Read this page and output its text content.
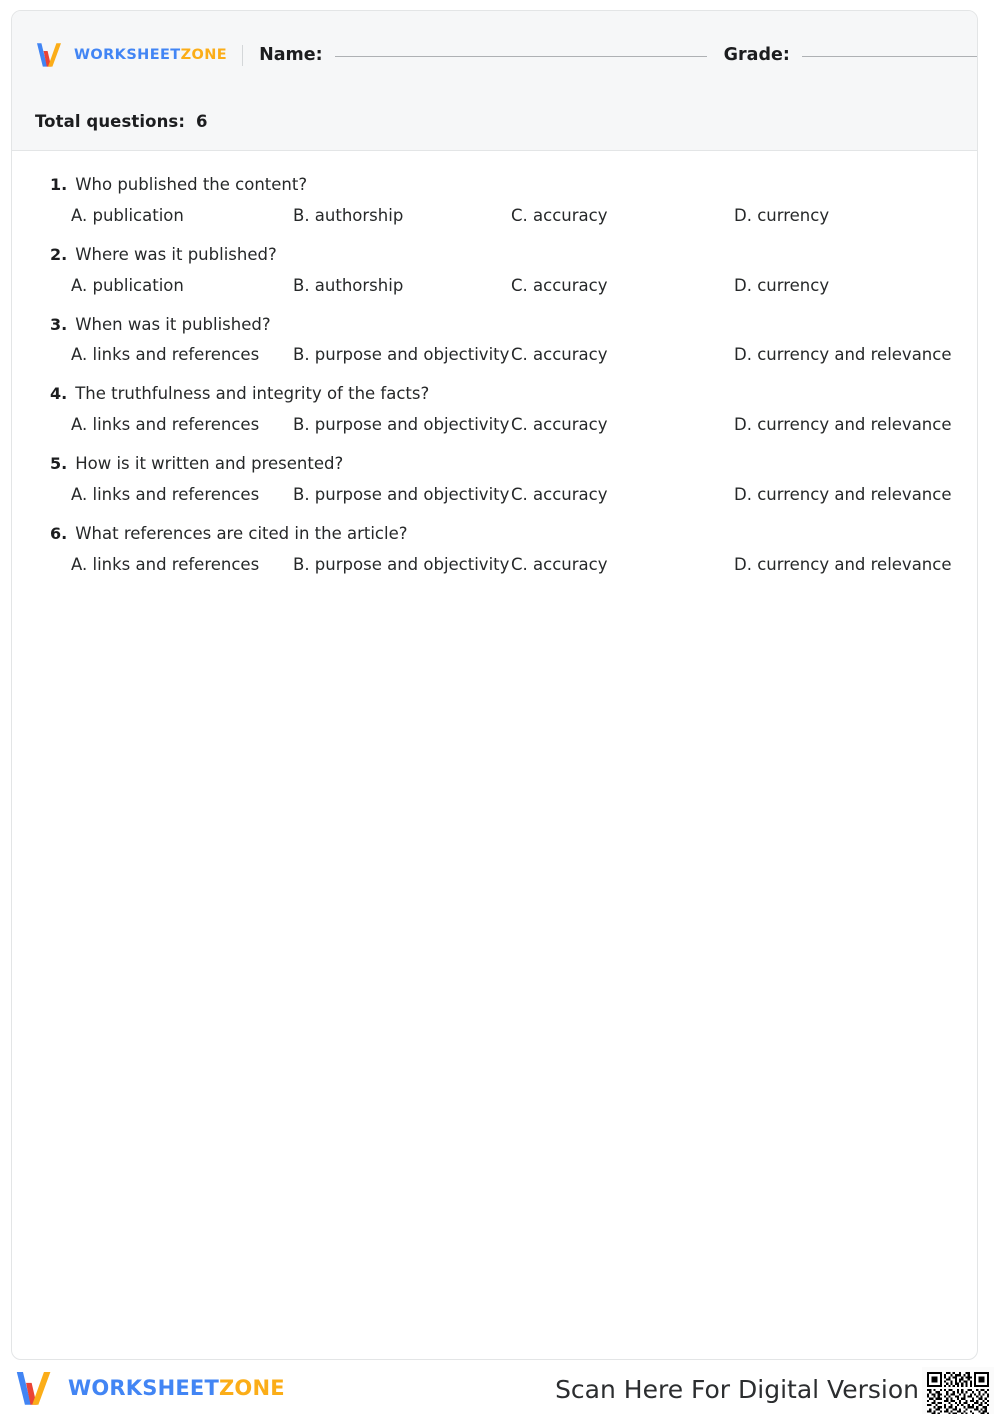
WORKSHEETZONE Name:	Grade:
Total questions: 6
1. Who published the content?
A. publication	B. authorship	C. accuracy	D. currency
2. Where was it published?
A. publication	B. authorship	C. accuracy	D. currency
3. When was it published?
A. links and references B. purpose and objectivity C. accuracy	D. currency and relevance
4. The truthfulness and integrity of the facts?
A. links and references B. purpose and objectivity C. accuracy	D. currency and relevance
5. How is it written and presented?
A. links and references B. purpose and objectivity C. accuracy	D. currency and relevance
6. What references are cited in the article?
A. links and references B. purpose and objectivity C. accuracy	D. currency and relevance
WORKSHEETZONE	Scan Here For Digital Version
